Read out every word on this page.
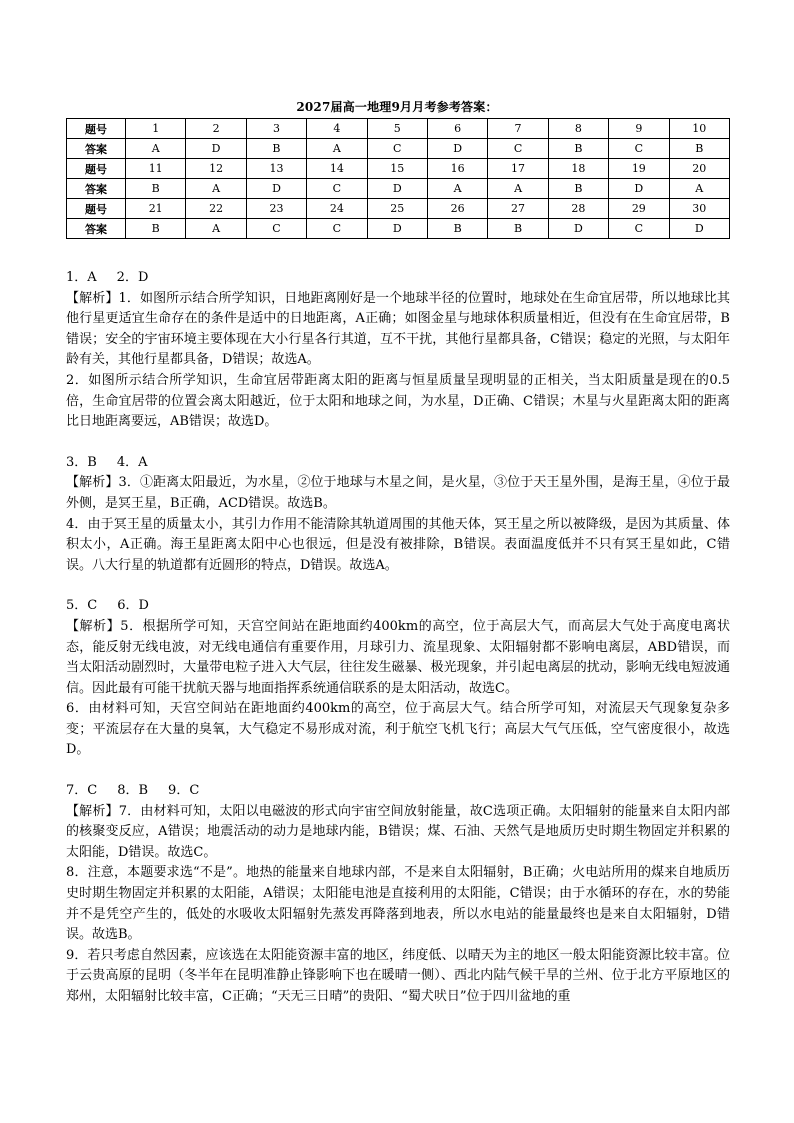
2027届高一地理9月月考参考答案：
题号	1	2	3	4	5	6	7	8	9	10
答案	A	D	B	A	C	D	C	B	C	B
题号	11	12	13	14	15	16	17	18	19	20
答案	B	A	D	C	D	A	A	B	D	A
题号	21	22	23	24	25	26	27	28	29	30
答案	B	A	C	C	D	B	B	D	C	D

1．A 2．D

【解析】1．如图所示结合所学知识，日地距离刚好是一个地球半径的位置时，地球处在生命宜居带，所以地球比其他行星更适宜生命存在的条件是适中的日地距离，A正确；如图金星与地球体积质量相近，但没有在生命宜居带，B错误；安全的宇宙环境主要体现在大小行星各行其道，互不干扰，其他行星都具备，C错误；稳定的光照，与太阳年龄有关，其他行星都具备，D错误；故选A。

2．如图所示结合所学知识，生命宜居带距离太阳的距离与恒星质量呈现明显的正相关，当太阳质量是现在的0.5倍，生命宜居带的位置会离太阳越近，位于太阳和地球之间，为水星，D正确、C错误；木星与火星距离太阳的距离比日地距离要远，AB错误；故选D。

3．B 4．A

【解析】3．①距离太阳最近，为水星，②位于地球与木星之间，是火星，③位于天王星外围，是海王星，④位于最外侧，是冥王星，B正确，ACD错误。故选B。

4．由于冥王星的质量太小，其引力作用不能清除其轨道周围的其他天体，冥王星之所以被降级，是因为其质量、体积太小，A正确。海王星距离太阳中心也很远，但是没有被排除，B错误。表面温度低并不只有冥王星如此，C错误。八大行星的轨道都有近圆形的特点，D错误。故选A。

5．C 6．D

【解析】5．根据所学可知，天宫空间站在距地面约400km的高空，位于高层大气，而高层大气处于高度电离状态，能反射无线电波，对无线电通信有重要作用，月球引力、流星现象、太阳辐射都不影响电离层，ABD错误，而当太阳活动剧烈时，大量带电粒子进入大气层，往往发生磁暴、极光现象，并引起电离层的扰动，影响无线电短波通信。因此最有可能干扰航天器与地面指挥系统通信联系的是太阳活动，故选C。

6．由材料可知，天宫空间站在距地面约400km的高空，位于高层大气。结合所学可知，对流层天气现象复杂多变；平流层存在大量的臭氧，大气稳定不易形成对流，利于航空飞机飞行；高层大气气压低，空气密度很小，故选D。

7．C 8．B 9．C

【解析】7．由材料可知，太阳以电磁波的形式向宇宙空间放射能量，故C选项正确。太阳辐射的能量来自太阳内部的核聚变反应，A错误；地震活动的动力是地球内能，B错误；煤、石油、天然气是地质历史时期生物固定并积累的太阳能，D错误。故选C。

8．注意，本题要求选“不是”。地热的能量来自地球内部，不是来自太阳辐射，B正确；火电站所用的煤来自地质历史时期生物固定并积累的太阳能，A错误；太阳能电池是直接利用的太阳能，C错误；由于水循环的存在，水的势能并不是凭空产生的，低处的水吸收太阳辐射先蒸发再降落到地表，所以水电站的能量最终也是来自太阳辐射，D错误。故选B。

9．若只考虑自然因素，应该选在太阳能资源丰富的地区，纬度低、以晴天为主的地区一般太阳能资源比较丰富。位于云贵高原的昆明（冬半年在昆明准静止锋影响下也在暖晴一侧）、西北内陆气候干旱的兰州、位于北方平原地区的郑州，太阳辐射比较丰富，C正确；“天无三日晴”的贵阳、“蜀犬吠日”位于四川盆地的重
